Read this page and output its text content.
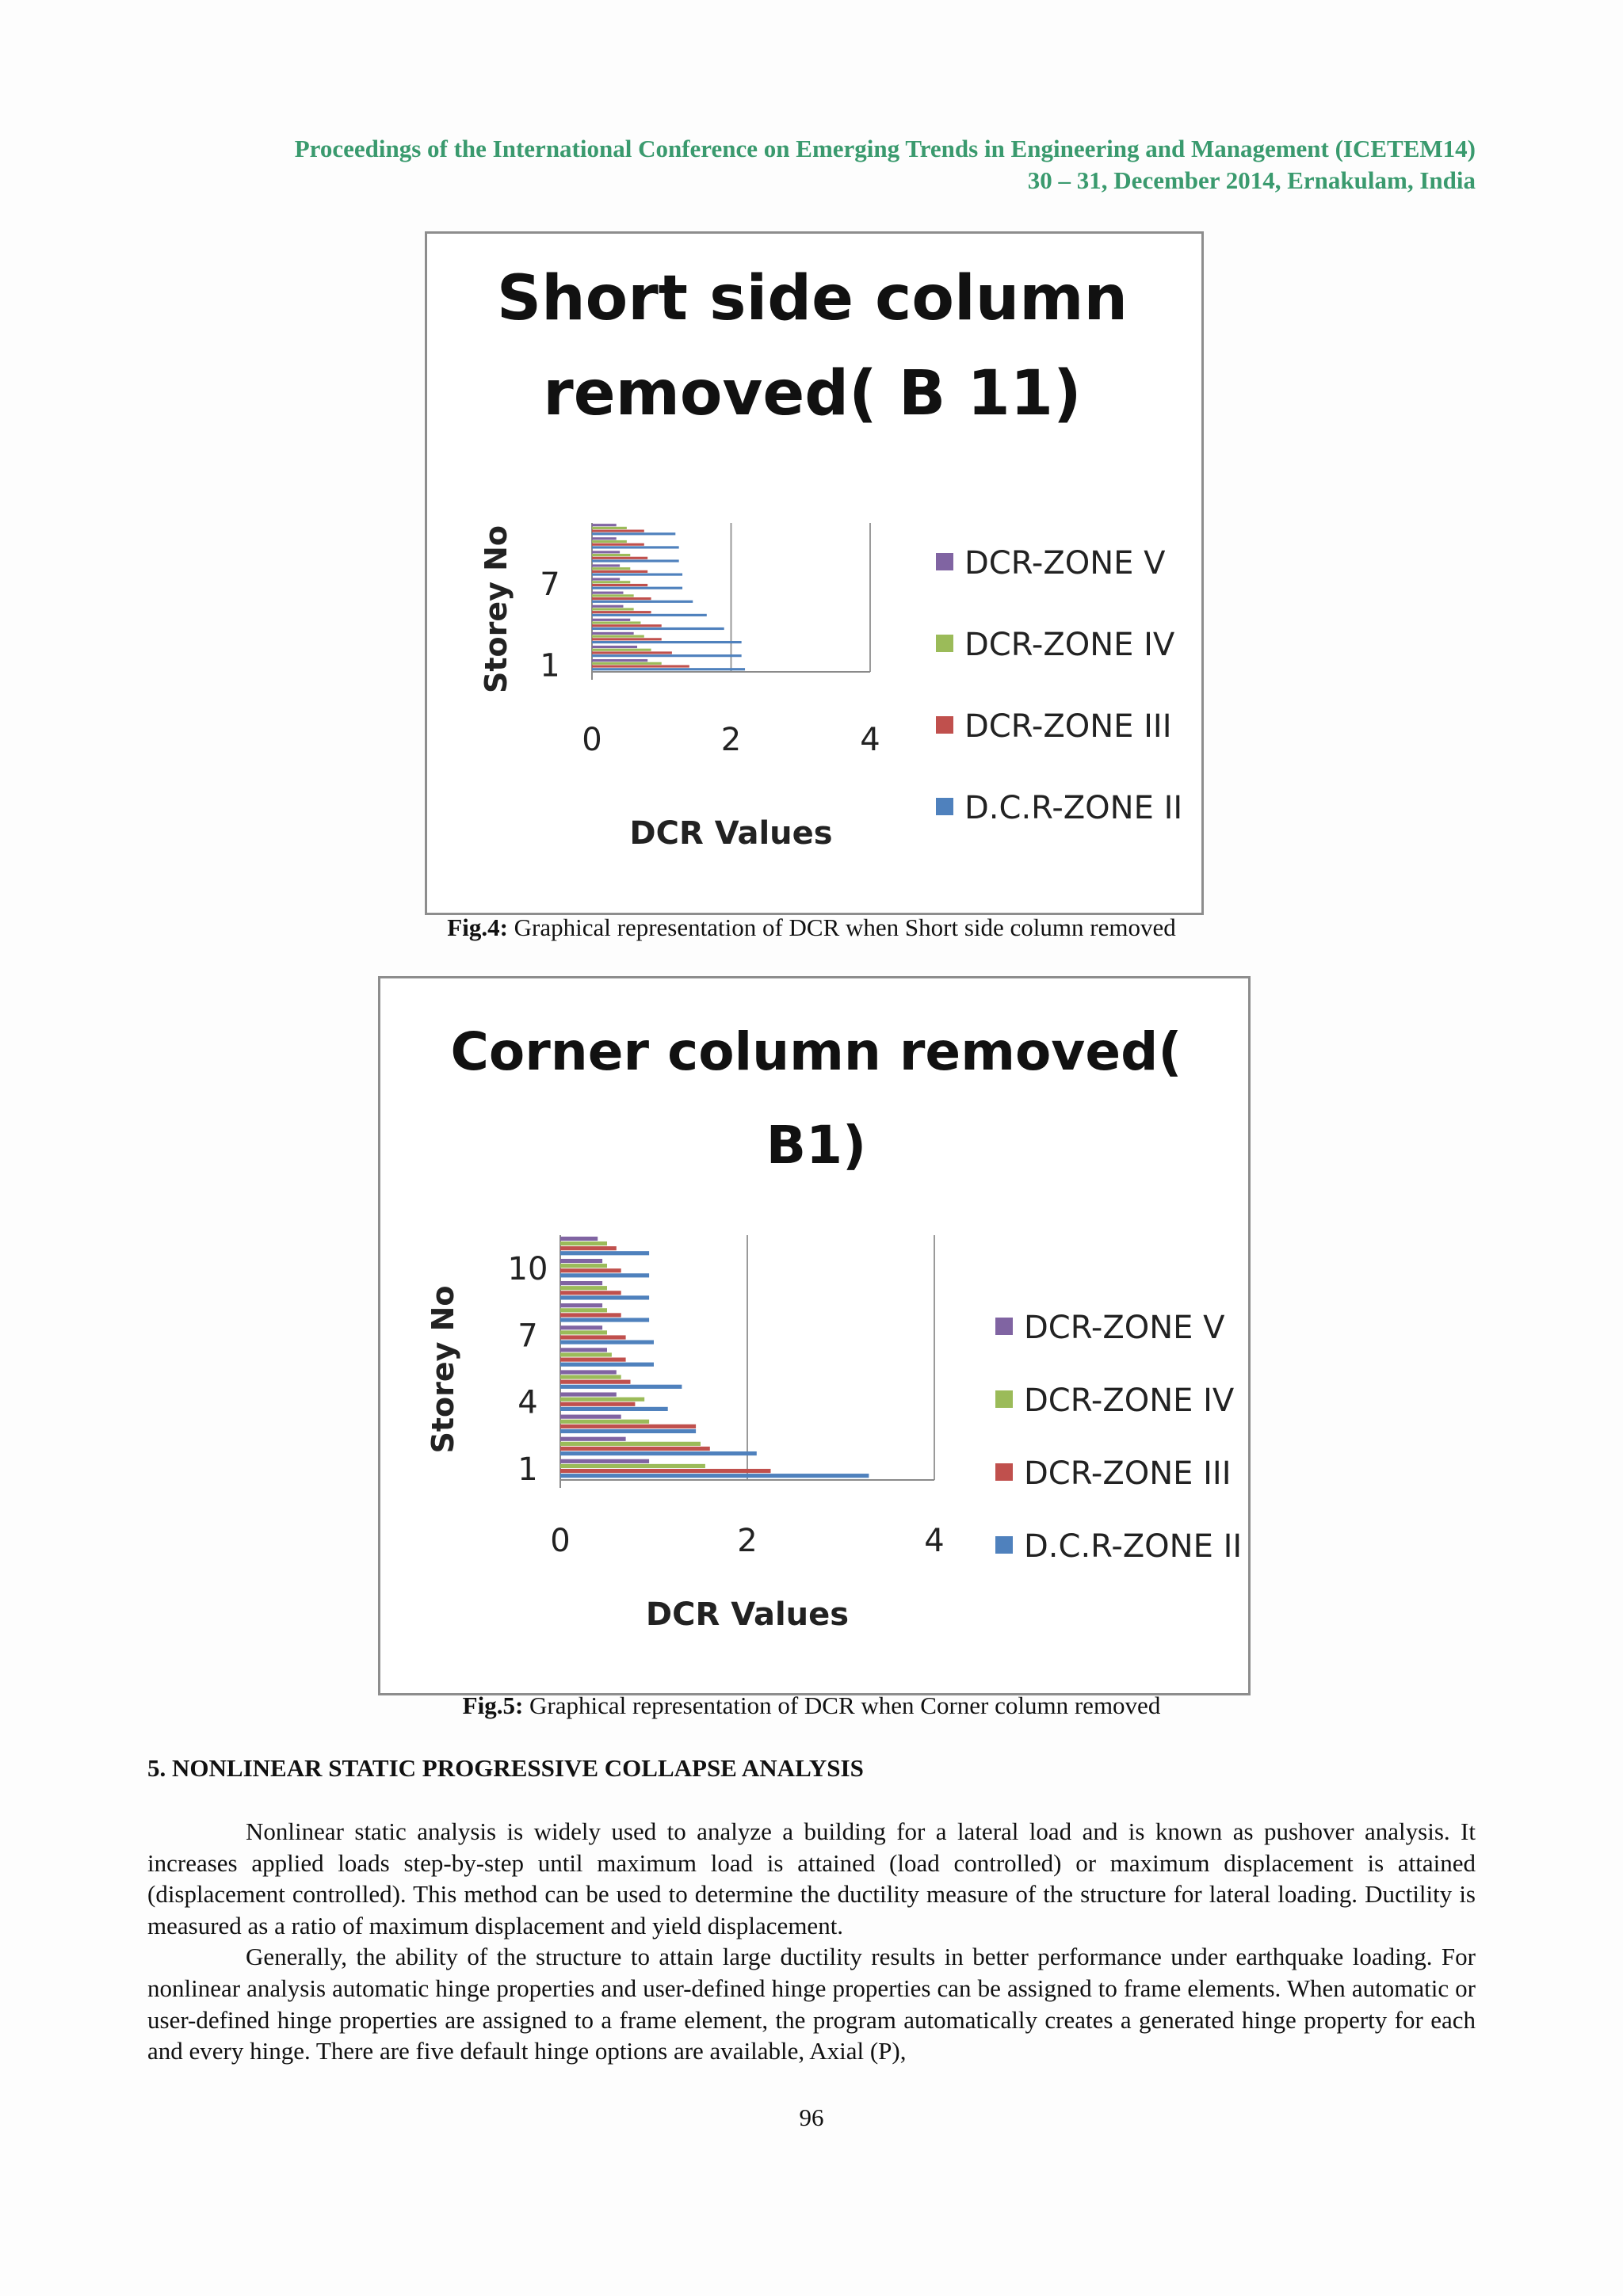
Proceedings of the International Conference on Emerging Trends in Engineering and Management (ICETEM14)
30 – 31, December 2014, Ernakulam, India
Short side column
removed( B 11)
0	2	4
1
7
DCR Values
Storey No	DCR-ZONE V
DCR-ZONE IV
DCR-ZONE III
D.C.R-ZONE II
Fig.4: Graphical representation of DCR when Short side column removed
Corner column removed(
B1)
0	2	4
1
4
7
10
DCR Values
Storey No	DCR-ZONE V
DCR-ZONE IV
DCR-ZONE III
D.C.R-ZONE II
Fig.5: Graphical representation of DCR when Corner column removed
5. NONLINEAR STATIC PROGRESSIVE COLLAPSE ANALYSIS

Nonlinear static analysis is widely used to analyze a building for a lateral load and is known as pushover analysis. It increases applied loads step-by-step until maximum load is attained (load controlled) or maximum displacement is attained (displacement controlled). This method can be used to determine the ductility measure of the structure for lateral loading. Ductility is measured as a ratio of maximum displacement and yield displacement.

Generally, the ability of the structure to attain large ductility results in better performance under earthquake loading. For nonlinear analysis automatic hinge properties and user-defined hinge properties can be assigned to frame elements. When automatic or user-defined hinge properties are assigned to a frame element, the program automatically creates a generated hinge property for each and every hinge. There are five default hinge options are available, Axial (P),

96
